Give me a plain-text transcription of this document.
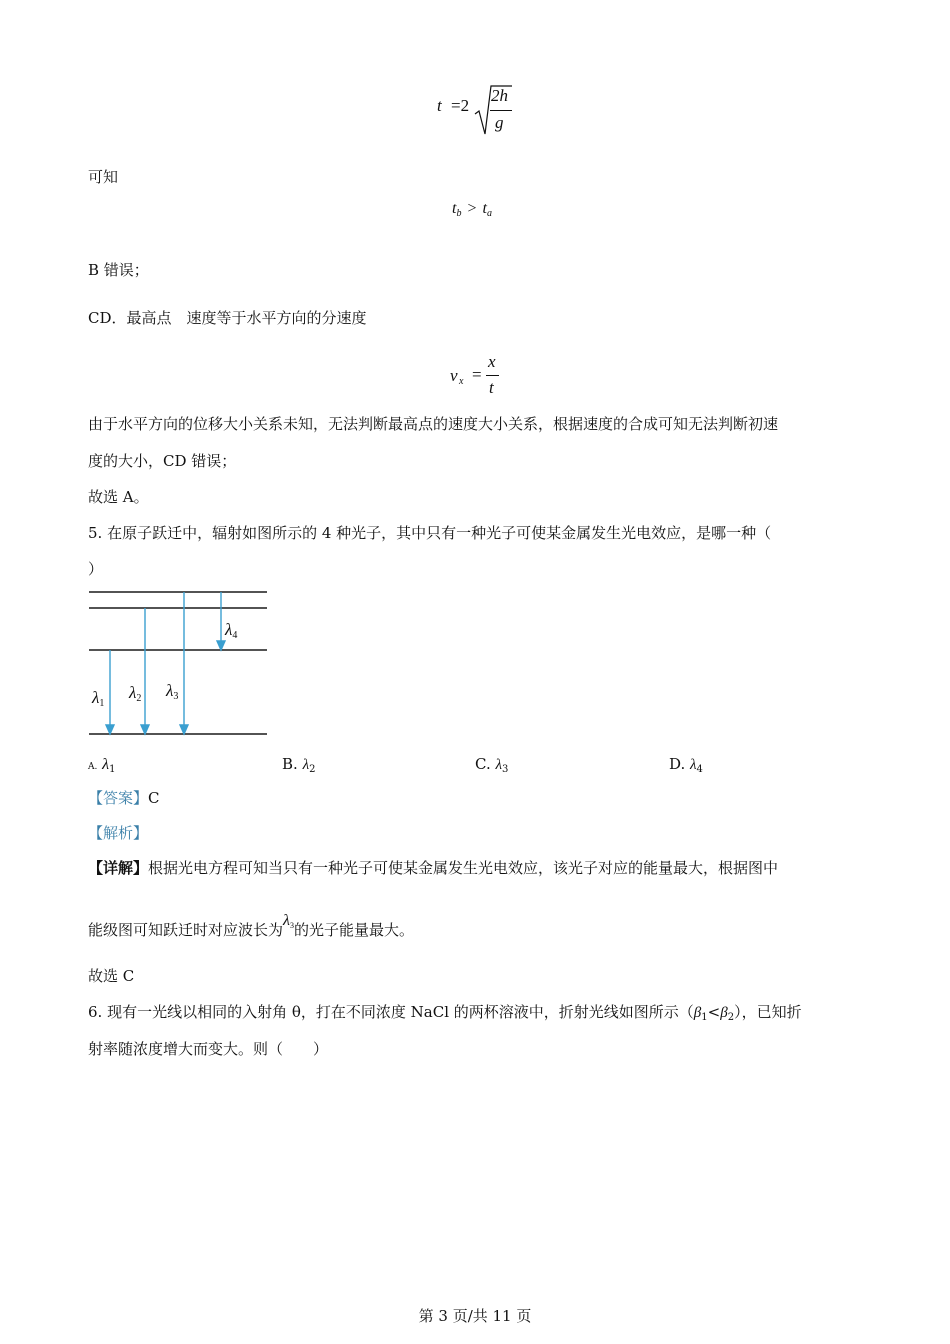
t =2
2h
g
可知
$t_b > t_a$
B 错误；
CD．最高点　速度等于水平方向的分速度
v x =
x
t
由于水平方向的位移大小关系未知，无法判断最高点的速度大小关系，根据速度的合成可知无法判断初速
度的大小，CD 错误；
故选 A。
5. 在原子跃迁中，辐射如图所示的 4 种光子，其中只有一种光子可使某金属发生光电效应，是哪一种（
）
$\lambda_1$
$\lambda_2$ $\lambda_3$
$\lambda_4$
A. $\lambda_1$	B. $\lambda_2$	C. $\lambda_3$	D. $\lambda_4$
【答案】C
【解析】
【详解】根据光电方程可知当只有一种光子可使某金属发生光电效应，该光子对应的能量最大，根据图中
能级图可知跃迁时对应波长为$\lambda_3$的光子能量最大。
故选 C
6. 现有一光线以相同的入射角 θ，打在不同浓度 NaCl 的两杯溶液中，折射光线如图所示$(\beta_1<\beta_2)$，已知折
射率随浓度增大而变大。则（　　）
第 3 页/共 11 页
